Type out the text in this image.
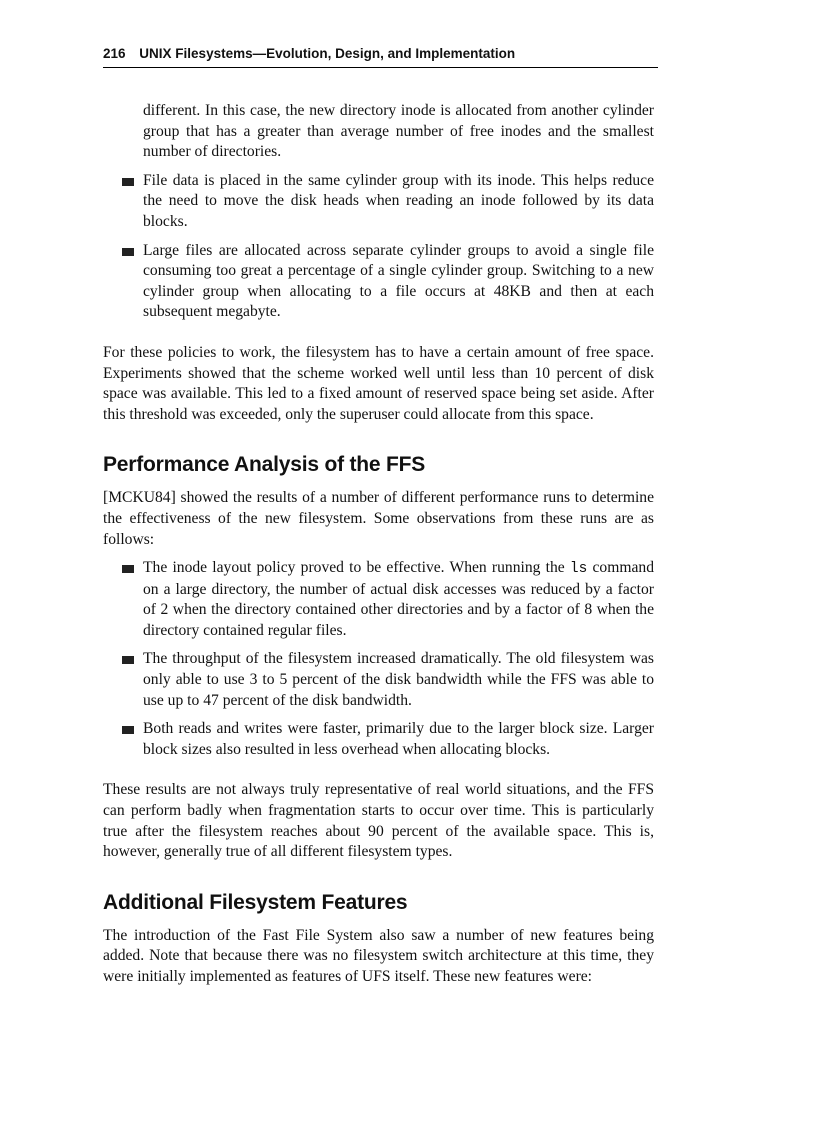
216 UNIX Filesystems—Evolution, Design, and Implementation

different. In this case, the new directory inode is allocated from another cylinder group that has a greater than average number of free inodes and the smallest number of directories.

File data is placed in the same cylinder group with its inode. This helps reduce the need to move the disk heads when reading an inode followed by its data blocks.

Large files are allocated across separate cylinder groups to avoid a single file consuming too great a percentage of a single cylinder group. Switching to a new cylinder group when allocating to a file occurs at 48KB and then at each subsequent megabyte.

For these policies to work, the filesystem has to have a certain amount of free space. Experiments showed that the scheme worked well until less than 10 percent of disk space was available. This led to a fixed amount of reserved space being set aside. After this threshold was exceeded, only the superuser could allocate from this space.

Performance Analysis of the FFS

[MCKU84] showed the results of a number of different performance runs to determine the effectiveness of the new filesystem. Some observations from these runs are as follows:

The inode layout policy proved to be effective. When running the ls command on a large directory, the number of actual disk accesses was reduced by a factor of 2 when the directory contained other directories and by a factor of 8 when the directory contained regular files.

The throughput of the filesystem increased dramatically. The old filesystem was only able to use 3 to 5 percent of the disk bandwidth while the FFS was able to use up to 47 percent of the disk bandwidth.

Both reads and writes were faster, primarily due to the larger block size. Larger block sizes also resulted in less overhead when allocating blocks.

These results are not always truly representative of real world situations, and the FFS can perform badly when fragmentation starts to occur over time. This is particularly true after the filesystem reaches about 90 percent of the available space. This is, however, generally true of all different filesystem types.

Additional Filesystem Features

The introduction of the Fast File System also saw a number of new features being added. Note that because there was no filesystem switch architecture at this time, they were initially implemented as features of UFS itself. These new features were:
